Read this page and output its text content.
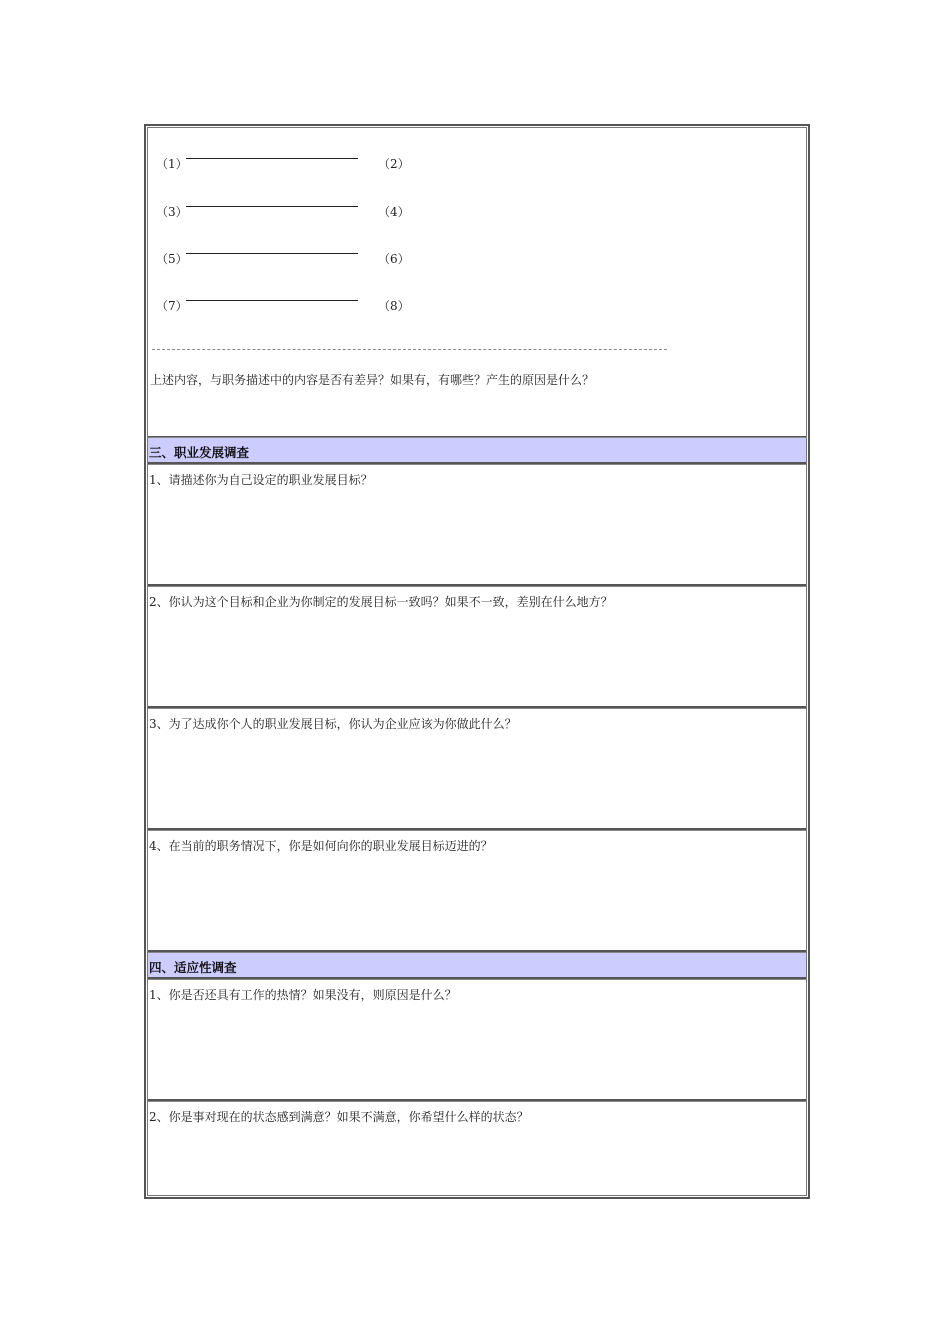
（1）	（2）
（3）	（4）
（5）	（6）
（7）	（8）
上述内容，与职务描述中的内容是否有差异？如果有，有哪些？产生的原因是什么？
三、职业发展调查
1、请描述你为自己设定的职业发展目标？
2、你认为这个目标和企业为你制定的发展目标一致吗？如果不一致，差别在什么地方？
3、为了达成你个人的职业发展目标，你认为企业应该为你做此什么？
4、在当前的职务情况下，你是如何向你的职业发展目标迈进的？
四、适应性调查
1、你是否还具有工作的热情？如果没有，则原因是什么？
2、你是事对现在的状态感到满意？如果不满意，你希望什么样的状态？
